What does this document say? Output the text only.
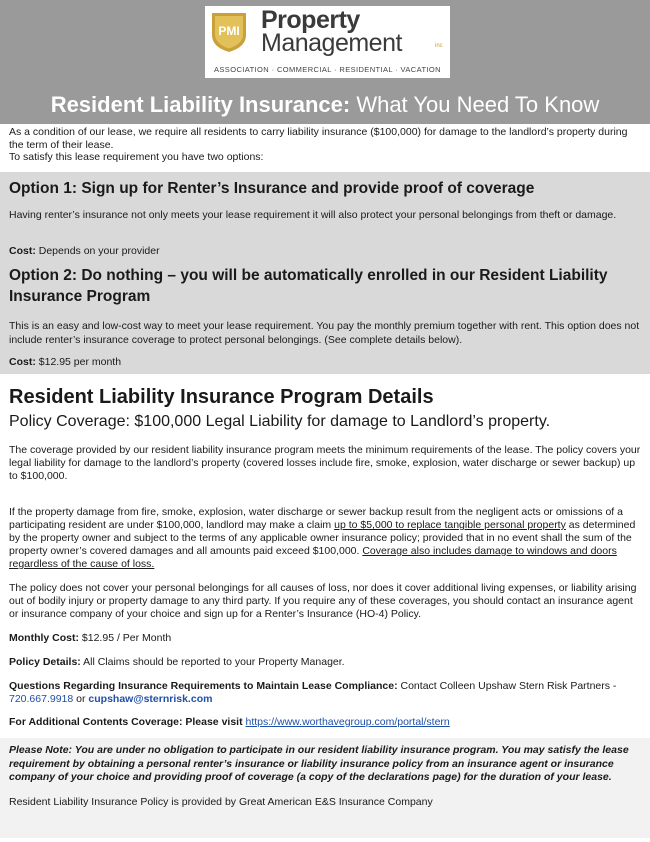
PMI Property
Management	inc
ASSOCIATION · COMMERCIAL · RESIDENTIAL · VACATION
Resident Liability Insurance: What You Need To Know

As a condition of our lease, we require all residents to carry liability insurance ($100,000) for damage to the landlord’s property during the term of their lease.

To satisfy this lease requirement you have two options:

Option 1: Sign up for Renter’s Insurance and provide proof of coverage
Having renter’s insurance not only meets your lease requirement it will also protect your personal belongings from theft or damage.
Cost: Depends on your provider
Option 2: Do nothing – you will be automatically enrolled in our Resident Liability Insurance Program
This is an easy and low-cost way to meet your lease requirement. You pay the monthly premium together with rent. This option does not include renter’s insurance coverage to protect personal belongings. (See complete details below).
Cost: $12.95 per month
Resident Liability Insurance Program Details
Policy Coverage: $100,000 Legal Liability for damage to Landlord’s property.
The coverage provided by our resident liability insurance program meets the minimum requirements of the lease. The policy covers your legal liability for damage to the landlord’s property (covered losses include fire, smoke, explosion, water discharge or sewer backup) up to $100,000.
If the property damage from fire, smoke, explosion, water discharge or sewer backup result from the negligent acts or omissions of a participating resident are under $100,000, landlord may make a claim up to $5,000 to replace tangible personal property as determined by the property owner and subject to the terms of any applicable owner insurance policy; provided that in no event shall the sum of the property owner’s covered damages and all amounts paid exceed $100,000. Coverage also includes damage to windows and doors regardless of the cause of loss.
The policy does not cover your personal belongings for all causes of loss, nor does it cover additional living expenses, or liability arising out of bodily injury or property damage to any third party. If you require any of these coverages, you should contact an insurance agent or insurance company of your choice and sign up for a Renter’s Insurance (HO-4) Policy.
Monthly Cost: $12.95 / Per Month
Policy Details: All Claims should be reported to your Property Manager.
Questions Regarding Insurance Requirements to Maintain Lease Compliance: Contact Colleen Upshaw Stern Risk Partners - 720.667.9918 or cupshaw@sternrisk.com
For Additional Contents Coverage: Please visit https://www.worthavegroup.com/portal/stern
Please Note: You are under no obligation to participate in our resident liability insurance program. You may satisfy the lease requirement by obtaining a personal renter’s insurance or liability insurance policy from an insurance agent or insurance company of your choice and providing proof of coverage (a copy of the declarations page) for the duration of your lease.
Resident Liability Insurance Policy is provided by Great American E&S Insurance Company
